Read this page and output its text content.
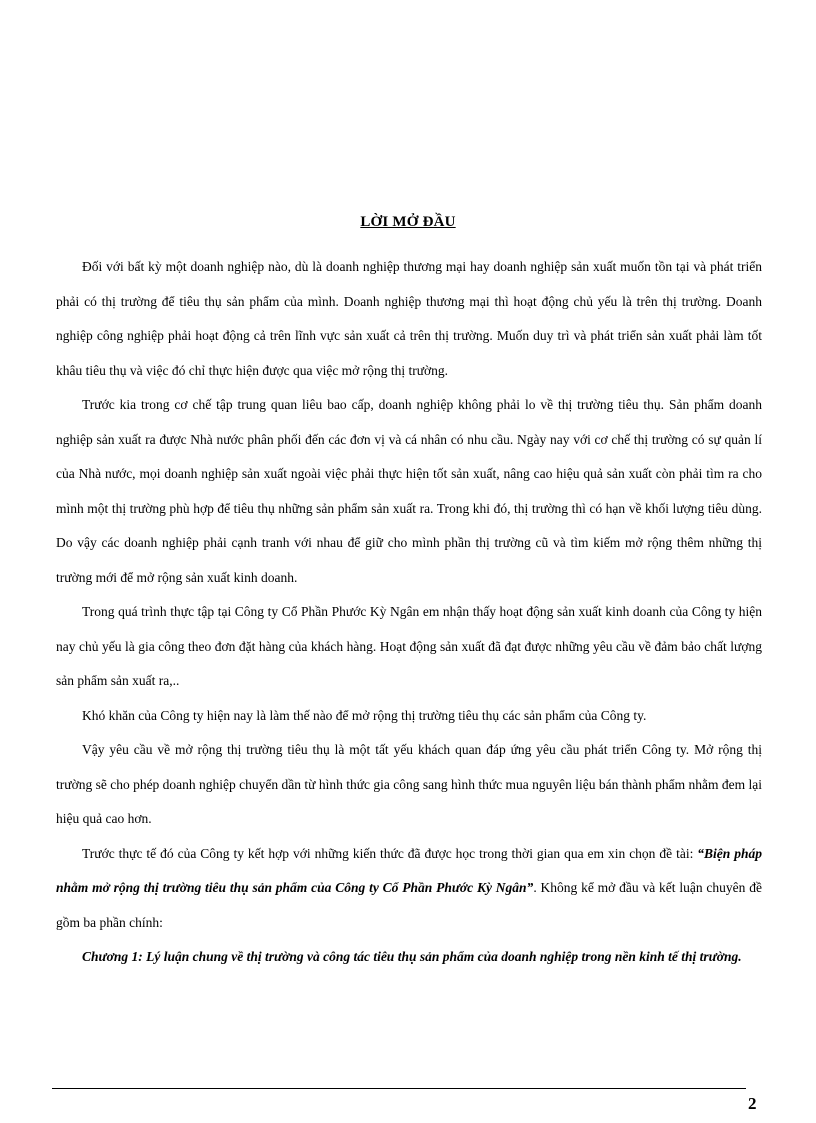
LỜI MỞ ĐẦU

Đối với bất kỳ một doanh nghiệp nào, dù là doanh nghiệp thương mại hay doanh nghiệp sản xuất muốn tồn tại và phát triển phải có thị trường để tiêu thụ sản phẩm của mình. Doanh nghiệp thương mại thì hoạt động chủ yếu là trên thị trường. Doanh nghiệp công nghiệp phải hoạt động cả trên lĩnh vực sản xuất cả trên thị trường. Muốn duy trì và phát triển sản xuất phải làm tốt khâu tiêu thụ và việc đó chỉ thực hiện được qua việc mở rộng thị trường.

Trước kia trong cơ chế tập trung quan liêu bao cấp, doanh nghiệp không phải lo về thị trường tiêu thụ. Sản phẩm doanh nghiệp sản xuất ra được Nhà nước phân phối đến các đơn vị và cá nhân có nhu cầu. Ngày nay với cơ chế thị trường có sự quản lí của Nhà nước, mọi doanh nghiệp sản xuất ngoài việc phải thực hiện tốt sản xuất, nâng cao hiệu quả sản xuất còn phải tìm ra cho mình một thị trường phù hợp để tiêu thụ những sản phẩm sản xuất ra. Trong khi đó, thị trường thì có hạn về khối lượng tiêu dùng. Do vậy các doanh nghiệp phải cạnh tranh với nhau để giữ cho mình phần thị trường cũ và tìm kiếm mở rộng thêm những thị trường mới để mở rộng sản xuất kinh doanh.

Trong quá trình thực tập tại Công ty Cổ Phần Phước Kỳ Ngân em nhận thấy hoạt động sản xuất kinh doanh của Công ty hiện nay chủ yếu là gia công theo đơn đặt hàng của khách hàng. Hoạt động sản xuất đã đạt được những yêu cầu về đảm bảo chất lượng sản phẩm sản xuất ra,..

Khó khăn của Công ty hiện nay là làm thế nào để mở rộng thị trường tiêu thụ các sản phẩm của Công ty.

Vậy yêu cầu về mở rộng thị trường tiêu thụ là một tất yếu khách quan đáp ứng yêu cầu phát triển Công ty. Mở rộng thị trường sẽ cho phép doanh nghiệp chuyển dần từ hình thức gia công sang hình thức mua nguyên liệu bán thành phẩm nhằm đem lại hiệu quả cao hơn.

Trước thực tế đó của Công ty kết hợp với những kiến thức đã được học trong thời gian qua em xin chọn đề tài: “Biện pháp nhằm mở rộng thị trường tiêu thụ sản phẩm của Công ty Cổ Phần Phước Kỳ Ngân”. Không kể mở đầu và kết luận chuyên đề gồm ba phần chính:

Chương 1: Lý luận chung về thị trường và công tác tiêu thụ sản phẩm của doanh nghiệp trong nền kinh tế thị trường.

2
